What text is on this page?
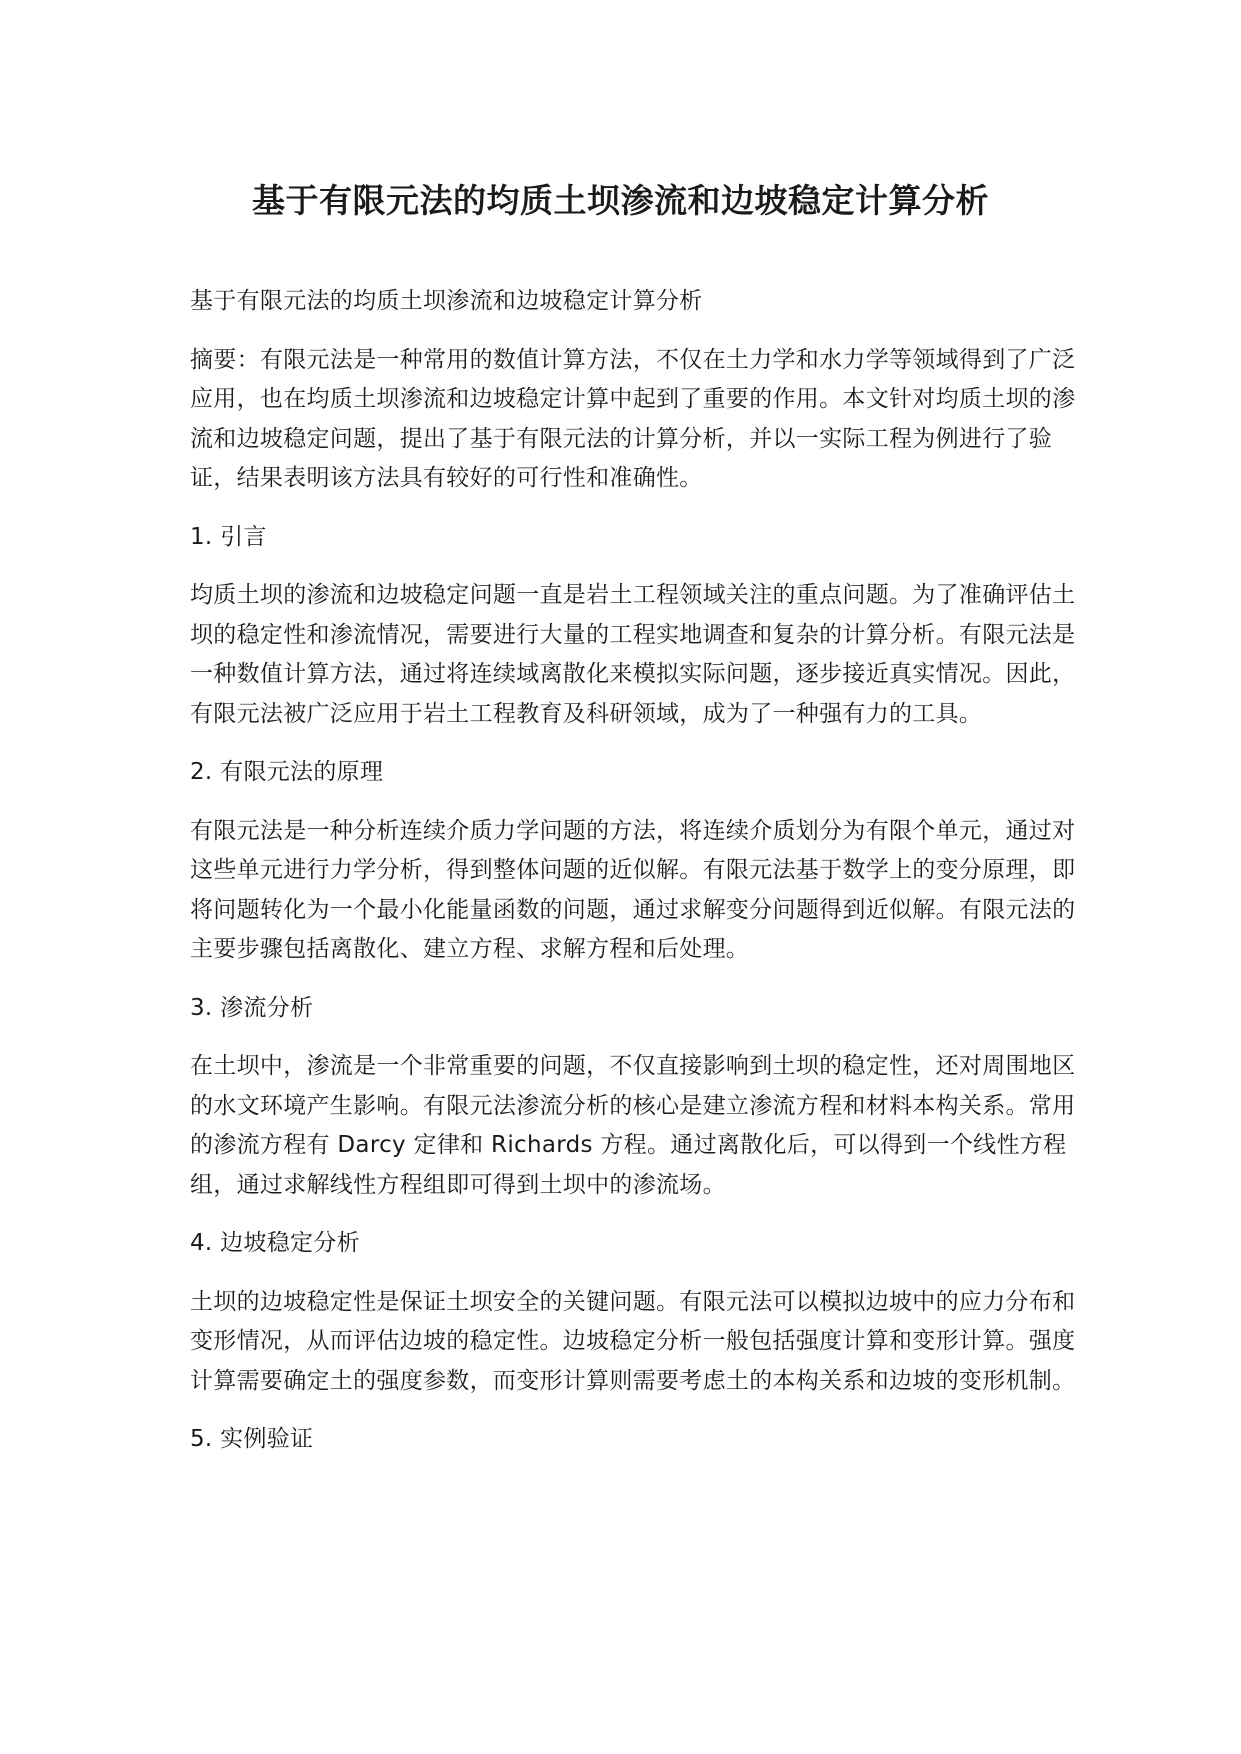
基于有限元法的均质土坝渗流和边坡稳定计算分析

基于有限元法的均质土坝渗流和边坡稳定计算分析

摘要：有限元法是一种常用的数值计算方法，不仅在土力学和水力学等领域得到了广泛应用，也在均质土坝渗流和边坡稳定计算中起到了重要的作用。本文针对均质土坝的渗流和边坡稳定问题，提出了基于有限元法的计算分析，并以一实际工程为例进行了验证，结果表明该方法具有较好的可行性和准确性。

1. 引言

均质土坝的渗流和边坡稳定问题一直是岩土工程领域关注的重点问题。为了准确评估土坝的稳定性和渗流情况，需要进行大量的工程实地调查和复杂的计算分析。有限元法是一种数值计算方法，通过将连续域离散化来模拟实际问题，逐步接近真实情况。因此，有限元法被广泛应用于岩土工程教育及科研领域，成为了一种强有力的工具。

2. 有限元法的原理

有限元法是一种分析连续介质力学问题的方法，将连续介质划分为有限个单元，通过对这些单元进行力学分析，得到整体问题的近似解。有限元法基于数学上的变分原理，即将问题转化为一个最小化能量函数的问题，通过求解变分问题得到近似解。有限元法的主要步骤包括离散化、建立方程、求解方程和后处理。

3. 渗流分析

在土坝中，渗流是一个非常重要的问题，不仅直接影响到土坝的稳定性，还对周围地区的水文环境产生影响。有限元法渗流分析的核心是建立渗流方程和材料本构关系。常用的渗流方程有 Darcy 定律和 Richards 方程。通过离散化后，可以得到一个线性方程组，通过求解线性方程组即可得到土坝中的渗流场。

4. 边坡稳定分析

土坝的边坡稳定性是保证土坝安全的关键问题。有限元法可以模拟边坡中的应力分布和变形情况，从而评估边坡的稳定性。边坡稳定分析一般包括强度计算和变形计算。强度计算需要确定土的强度参数，而变形计算则需要考虑土的本构关系和边坡的变形机制。

5. 实例验证
